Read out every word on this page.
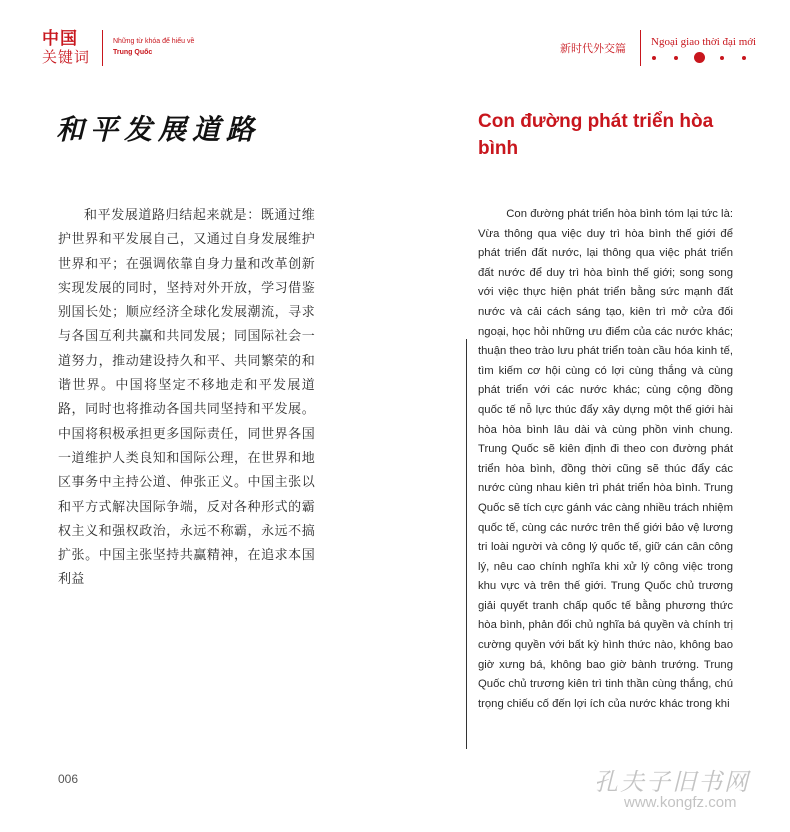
中国
关键词
Những từ khóa để hiểu về
Trung Quốc	新时代外交篇 Ngoại giao thời đại mới
和平发展道路	Con đường phát triển hòa bình

和平发展道路归结起来就是：既通过维护世界和平发展自己，又通过自身发展维护世界和平；在强调依靠自身力量和改革创新实现发展的同时，坚持对外开放，学习借鉴别国长处；顺应经济全球化发展潮流，寻求与各国互利共赢和共同发展；同国际社会一道努力，推动建设持久和平、共同繁荣的和谐世界。中国将坚定不移地走和平发展道路，同时也将推动各国共同坚持和平发展。中国将积极承担更多国际责任，同世界各国一道维护人类良知和国际公理，在世界和地区事务中主持公道、伸张正义。中国主张以和平方式解决国际争端，反对各种形式的霸权主义和强权政治，永远不称霸，永远不搞扩张。中国主张坚持共赢精神，在追求本国利益

Con đường phát triển hòa bình tóm lại tức là: Vừa thông qua việc duy trì hòa bình thế giới để phát triển đất nước, lại thông qua việc phát triển đất nước để duy trì hòa bình thế giới; song song với việc thực hiện phát triển bằng sức mạnh đất nước và cải cách sáng tạo, kiên trì mở cửa đối ngoại, học hỏi những ưu điểm của các nước khác; thuận theo trào lưu phát triển toàn cầu hóa kinh tế, tìm kiếm cơ hội cùng có lợi cùng thắng và cùng phát triển với các nước khác; cùng cộng đồng quốc tế nỗ lực thúc đẩy xây dựng một thế giới hài hòa hòa bình lâu dài và cùng phồn vinh chung. Trung Quốc sẽ kiên định đi theo con đường phát triển hòa bình, đồng thời cũng sẽ thúc đẩy các nước cùng nhau kiên trì phát triển hòa bình. Trung Quốc sẽ tích cực gánh vác càng nhiều trách nhiệm quốc tế, cùng các nước trên thế giới bảo vệ lương tri loài người và công lý quốc tế, giữ cán cân công lý, nêu cao chính nghĩa khi xử lý công việc trong khu vực và trên thế giới. Trung Quốc chủ trương giải quyết tranh chấp quốc tế bằng phương thức hòa bình, phản đối chủ nghĩa bá quyền và chính trị cường quyền với bất kỳ hình thức nào, không bao giờ xưng bá, không bao giờ bành trướng. Trung Quốc chủ trương kiên trì tinh thần cùng thắng, chú trọng chiếu cố đến lợi ích của nước khác trong khi

006	孔夫子旧书网
www.kongfz.com
